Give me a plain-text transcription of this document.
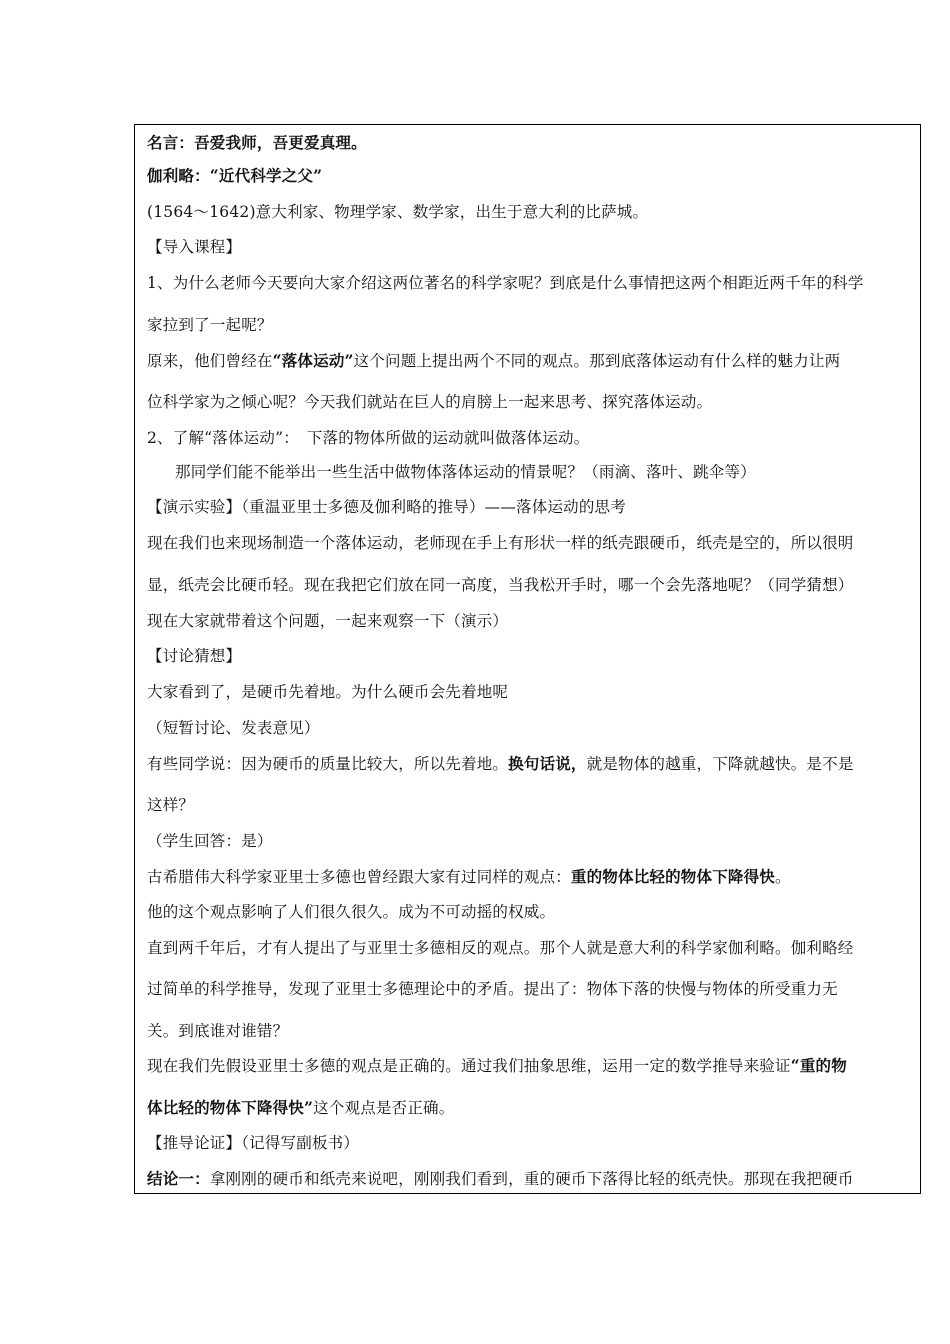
名言：吾爱我师，吾更爱真理。
伽利略：“近代科学之父”
(1564～1642)意大利家、物理学家、数学家，出生于意大利的比萨城。
【导入课程】
1、为什么老师今天要向大家介绍这两位著名的科学家呢？到底是什么事情把这两个相距近两千年的科学
家拉到了一起呢？
原来，他们曾经在“落体运动”这个问题上提出两个不同的观点。那到底落体运动有什么样的魅力让两
位科学家为之倾心呢？今天我们就站在巨人的肩膀上一起来思考、探究落体运动。
2、了解“落体运动”：　下落的物体所做的运动就叫做落体运动。
那同学们能不能举出一些生活中做物体落体运动的情景呢？（雨滴、落叶、跳伞等）
【演示实验】（重温亚里士多德及伽利略的推导）——落体运动的思考
现在我们也来现场制造一个落体运动，老师现在手上有形状一样的纸壳跟硬币，纸壳是空的，所以很明
显，纸壳会比硬币轻。现在我把它们放在同一高度，当我松开手时，哪一个会先落地呢？（同学猜想）
现在大家就带着这个问题，一起来观察一下（演示）
【讨论猜想】
大家看到了，是硬币先着地。为什么硬币会先着地呢
（短暂讨论、发表意见）
有些同学说：因为硬币的质量比较大，所以先着地。换句话说，就是物体的越重，下降就越快。是不是
这样？
（学生回答：是）
古希腊伟大科学家亚里士多德也曾经跟大家有过同样的观点：重的物体比轻的物体下降得快。
他的这个观点影响了人们很久很久。成为不可动摇的权威。
直到两千年后，才有人提出了与亚里士多德相反的观点。那个人就是意大利的科学家伽利略。伽利略经
过简单的科学推导，发现了亚里士多德理论中的矛盾。提出了：物体下落的快慢与物体的所受重力无
关。到底谁对谁错？
现在我们先假设亚里士多德的观点是正确的。通过我们抽象思维，运用一定的数学推导来验证“重的物
体比轻的物体下降得快”这个观点是否正确。
【推导论证】（记得写副板书）
结论一：拿刚刚的硬币和纸壳来说吧，刚刚我们看到，重的硬币下落得比轻的纸壳快。那现在我把硬币
